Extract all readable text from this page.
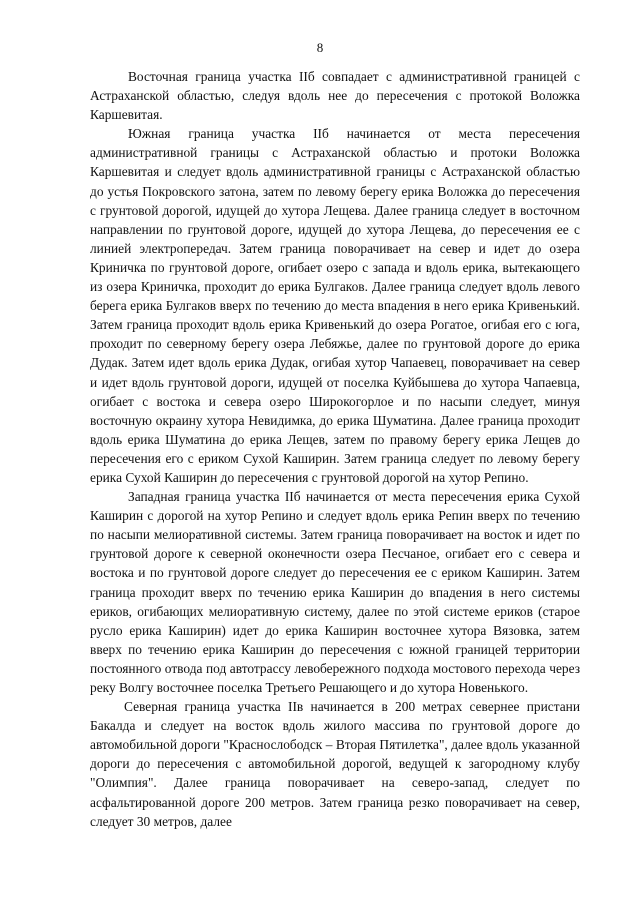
8

Восточная граница участка IIб совпадает с административной границей с Астраханской областью, следуя вдоль нее до пересечения с протокой Воложка Каршевитая.

Южная граница участка IIб начинается от места пересечения административной границы с Астраханской областью и протоки Воложка Каршевитая и следует вдоль административной границы с Астраханской областью до устья Покровского затона, затем по левому берегу ерика Воложка до пересечения с грунтовой дорогой, идущей до хутора Лещева. Далее граница следует в восточном направлении по грунтовой дороге, идущей до хутора Лещева, до пересечения ее с линией электропередач. Затем граница поворачивает на север и идет до озера Криничка по грунтовой дороге, огибает озеро с запада и вдоль ерика, вытекающего из озера Криничка, проходит до ерика Булгаков. Далее граница следует вдоль левого берега ерика Булгаков вверх по течению до места впадения в него ерика Кривенький. Затем граница проходит вдоль ерика Кривенький до озера Рогатое, огибая его с юга, проходит по северному берегу озера Лебяжье, далее по грунтовой дороге до ерика Дудак. Затем идет вдоль ерика Дудак, огибая хутор Чапаевец, поворачивает на север и идет вдоль грунтовой дороги, идущей от поселка Куйбышева до хутора Чапаевца, огибает с востока и севера озеро Широкогорлое и по насыпи следует, минуя восточную окраину хутора Невидимка, до ерика Шуматина. Далее граница проходит вдоль ерика Шуматина до ерика Лещев, затем по правому берегу ерика Лещев до пересечения его с ериком Сухой Каширин. Затем граница следует по левому берегу ерика Сухой Каширин до пересечения с грунтовой дорогой на хутор Репино.

Западная граница участка IIб начинается от места пересечения ерика Сухой Каширин с дорогой на хутор Репино и следует вдоль ерика Репин вверх по течению по насыпи мелиоративной системы. Затем граница поворачивает на восток и идет по грунтовой дороге к северной оконечности озера Песчаное, огибает его с севера и востока и по грунтовой дороге следует до пересечения ее с ериком Каширин. Затем граница проходит вверх по течению ерика Каширин до впадения в него системы ериков, огибающих мелиоративную систему, далее по этой системе ериков (старое русло ерика Каширин) идет до ерика Каширин восточнее хутора Вязовка, затем вверх по течению ерика Каширин до пересечения с южной границей территории постоянного отвода под автотрассу левобережного подхода мостового перехода через реку Волгу восточнее поселка Третьего Решающего и до хутора Новенького.

Северная граница участка IIв начинается в 200 метрах севернее пристани Бакалда и следует на восток вдоль жилого массива по грунтовой дороге до автомобильной дороги "Краснослободск – Вторая Пятилетка", далее вдоль указанной дороги до пересечения с автомобильной дорогой, ведущей к загородному клубу "Олимпия". Далее граница поворачивает на северо-запад, следует по асфальтированной дороге 200 метров. Затем граница резко поворачивает на север, следует 30 метров, далее
